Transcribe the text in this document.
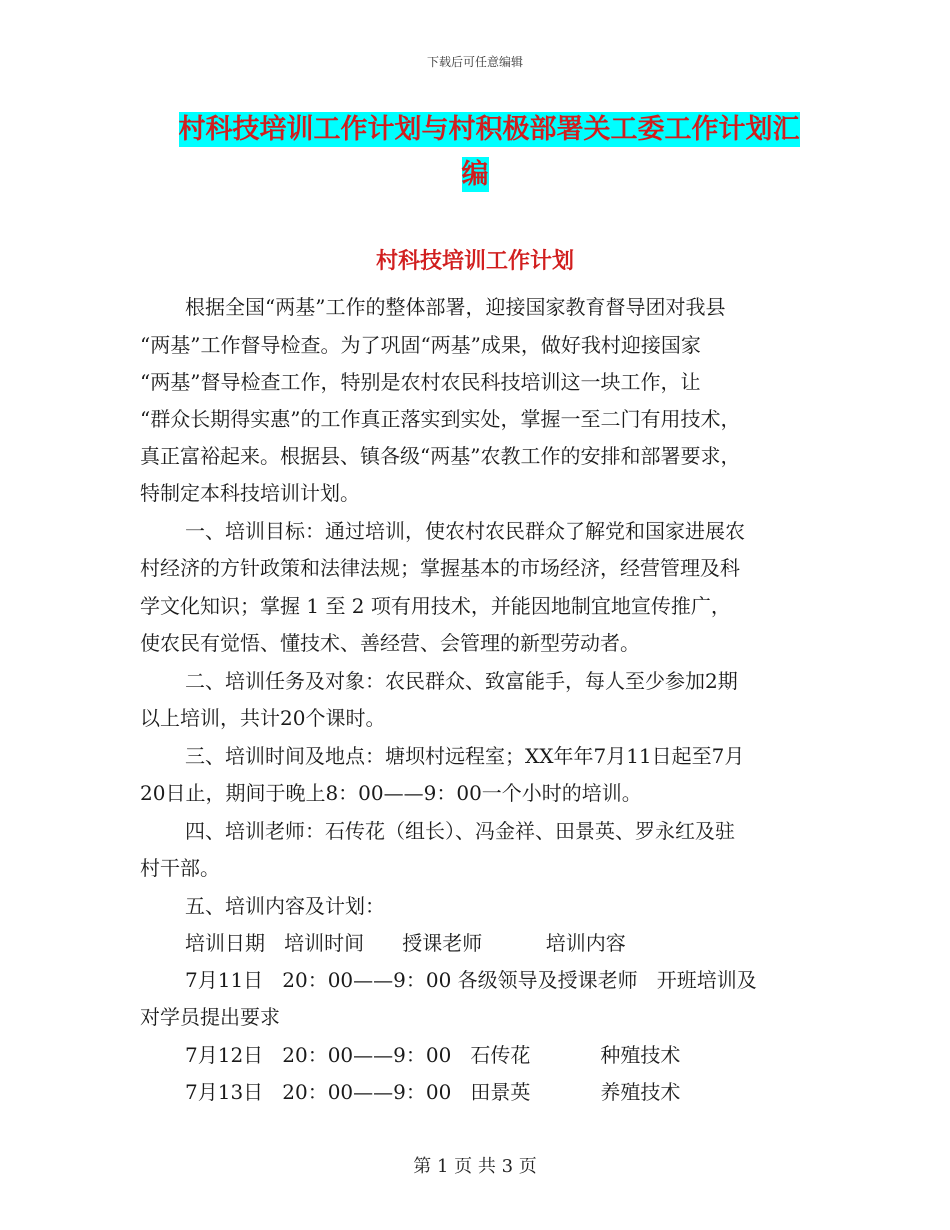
下载后可任意编辑
村科技培训工作计划与村积极部署关工委工作计划汇
编
村科技培训工作计划
根据全国“两基”工作的整体部署，迎接国家教育督导团对我县
“两基”工作督导检查。为了巩固“两基”成果，做好我村迎接国家
“两基”督导检查工作，特别是农村农民科技培训这一块工作，让
“群众长期得实惠”的工作真正落实到实处，掌握一至二门有用技术，
真正富裕起来。根据县、镇各级“两基”农教工作的安排和部署要求，
特制定本科技培训计划。
一、培训目标：通过培训，使农村农民群众了解党和国家进展农
村经济的方针政策和法律法规；掌握基本的市场经济，经营管理及科
学文化知识；掌握 1 至 2 项有用技术，并能因地制宜地宣传推广，
使农民有觉悟、懂技术、善经营、会管理的新型劳动者。
二、培训任务及对象：农民群众、致富能手，每人至少参加2期
以上培训，共计20个课时。
三、培训时间及地点：塘坝村远程室；XX年年7月11日起至7月
20日止，期间于晚上8：00——9：00一个小时的培训。
四、培训老师：石传花（组长）、冯金祥、田景英、罗永红及驻
村干部。
五、培训内容及计划：
培训日期   培训时间      授课老师          培训内容
7月11日   20：00——9：00 各级领导及授课老师   开班培训及
对学员提出要求
7月12日   20：00——9：00   石传花           种殖技术
7月13日   20：00——9：00   田景英           养殖技术
第 1 页 共 3 页
